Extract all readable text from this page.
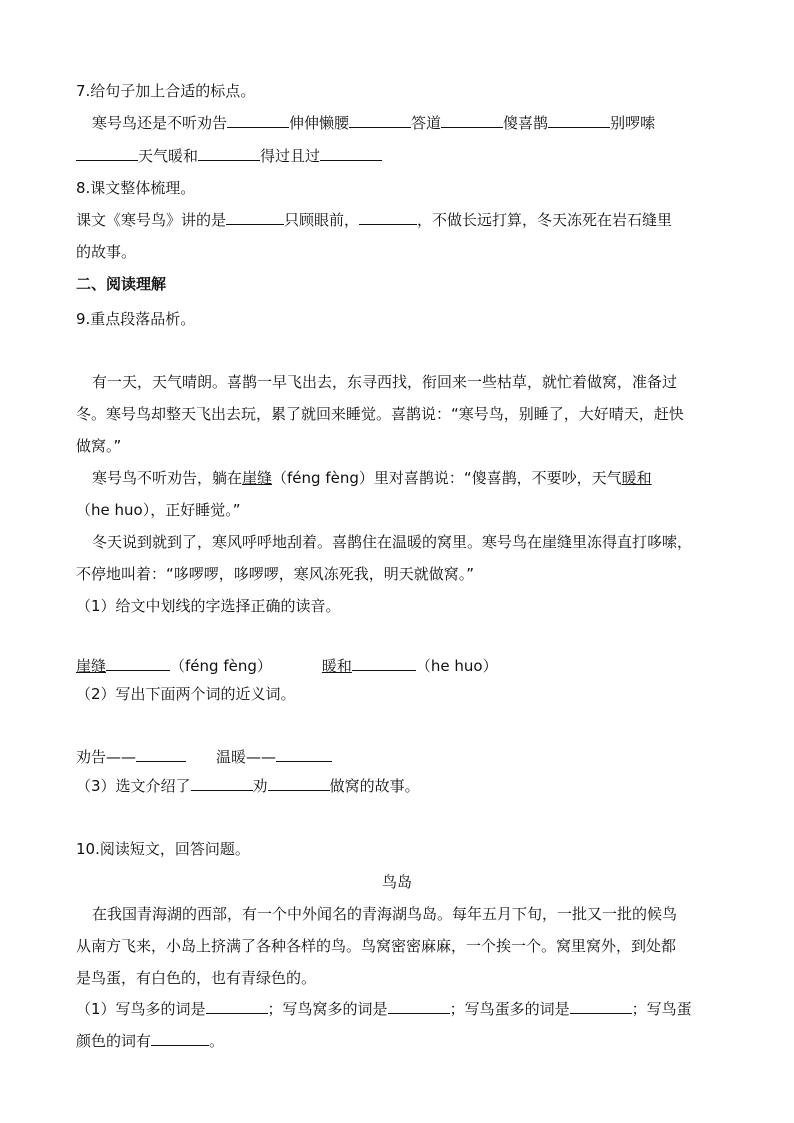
7.给句子加上合适的标点。
寒号鸟还是不听劝告	伸伸懒腰	答道	傻喜鹊	别啰嗦
天气暖和	得过且过
8.课文整体梳理。
课文《寒号鸟》讲的是	只顾眼前，	，不做长远打算，冬天冻死在岩石缝里
的故事。
二、阅读理解
9.重点段落品析。
有一天，天气晴朗。喜鹊一早飞出去，东寻西找，衔回来一些枯草，就忙着做窝，准备过
冬。寒号鸟却整天飞出去玩，累了就回来睡觉。喜鹊说：“寒号鸟，别睡了，大好晴天，赶快
做窝。”
寒号鸟不听劝告，躺在崖缝（féng fèng）里对喜鹊说：“傻喜鹊，不要吵，天气暖和
（he huo），正好睡觉。”
冬天说到就到了，寒风呼呼地刮着。喜鹊住在温暖的窝里。寒号鸟在崖缝里冻得直打哆嗦，
不停地叫着：“哆啰啰，哆啰啰，寒风冻死我，明天就做窝。”
（1）给文中划线的字选择正确的读音。
崖缝	（féng fèng）	暖和	（he huo）
（2）写出下面两个词的近义词。
劝告——	温暖——
（3）选文介绍了	劝	做窝的故事。
10.阅读短文，回答问题。
鸟岛
在我国青海湖的西部，有一个中外闻名的青海湖鸟岛。每年五月下旬，一批又一批的候鸟
从南方飞来，小岛上挤满了各种各样的鸟。鸟窝密密麻麻，一个挨一个。窝里窝外，到处都
是鸟蛋，有白色的，也有青绿色的。
（1）写鸟多的词是	；写鸟窝多的词是	；写鸟蛋多的词是	；写鸟蛋
颜色的词有	。
